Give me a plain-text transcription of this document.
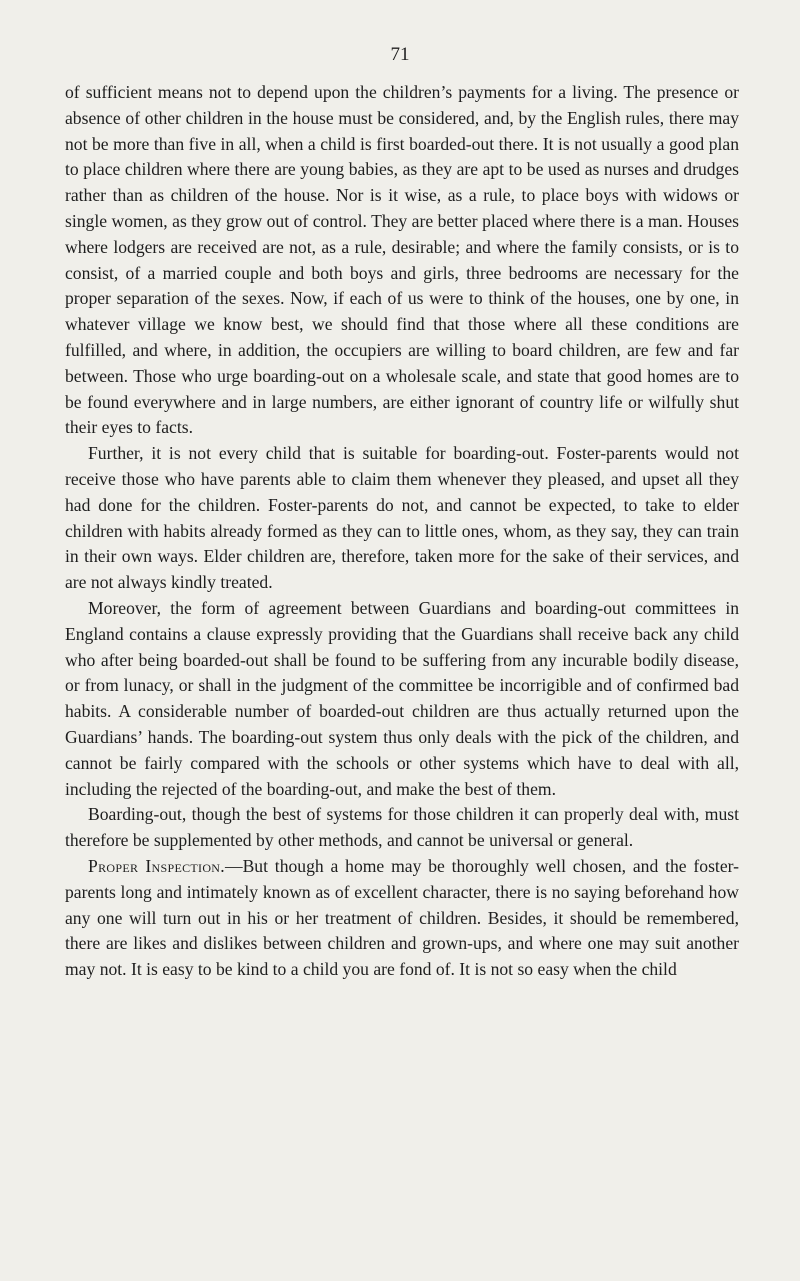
71

of sufficient means not to depend upon the children’s payments for a living. The presence or absence of other children in the house must be considered, and, by the English rules, there may not be more than five in all, when a child is first boarded-out there. It is not usually a good plan to place children where there are young babies, as they are apt to be used as nurses and drudges rather than as children of the house. Nor is it wise, as a rule, to place boys with widows or single women, as they grow out of control. They are better placed where there is a man. Houses where lodgers are received are not, as a rule, desirable; and where the family consists, or is to consist, of a married couple and both boys and girls, three bedrooms are necessary for the proper separation of the sexes. Now, if each of us were to think of the houses, one by one, in whatever village we know best, we should find that those where all these conditions are fulfilled, and where, in addition, the occupiers are willing to board children, are few and far between. Those who urge boarding-out on a wholesale scale, and state that good homes are to be found everywhere and in large numbers, are either ignorant of country life or wilfully shut their eyes to facts.

Further, it is not every child that is suitable for boarding-out. Foster-parents would not receive those who have parents able to claim them whenever they pleased, and upset all they had done for the children. Foster-parents do not, and cannot be expected, to take to elder children with habits already formed as they can to little ones, whom, as they say, they can train in their own ways. Elder children are, therefore, taken more for the sake of their services, and are not always kindly treated.

Moreover, the form of agreement between Guardians and boarding-out committees in England contains a clause expressly providing that the Guardians shall receive back any child who after being boarded-out shall be found to be suffering from any incurable bodily disease, or from lunacy, or shall in the judgment of the committee be incorrigible and of confirmed bad habits. A considerable number of boarded-out children are thus actually returned upon the Guardians’ hands. The boarding-out system thus only deals with the pick of the children, and cannot be fairly compared with the schools or other systems which have to deal with all, including the rejected of the boarding-out, and make the best of them.

Boarding-out, though the best of systems for those children it can properly deal with, must therefore be supplemented by other methods, and cannot be universal or general.

Proper Inspection.—But though a home may be thoroughly well chosen, and the foster-parents long and intimately known as of excellent character, there is no saying beforehand how any one will turn out in his or her treatment of children. Besides, it should be remembered, there are likes and dislikes between children and grown-ups, and where one may suit another may not. It is easy to be kind to a child you are fond of. It is not so easy when the child
